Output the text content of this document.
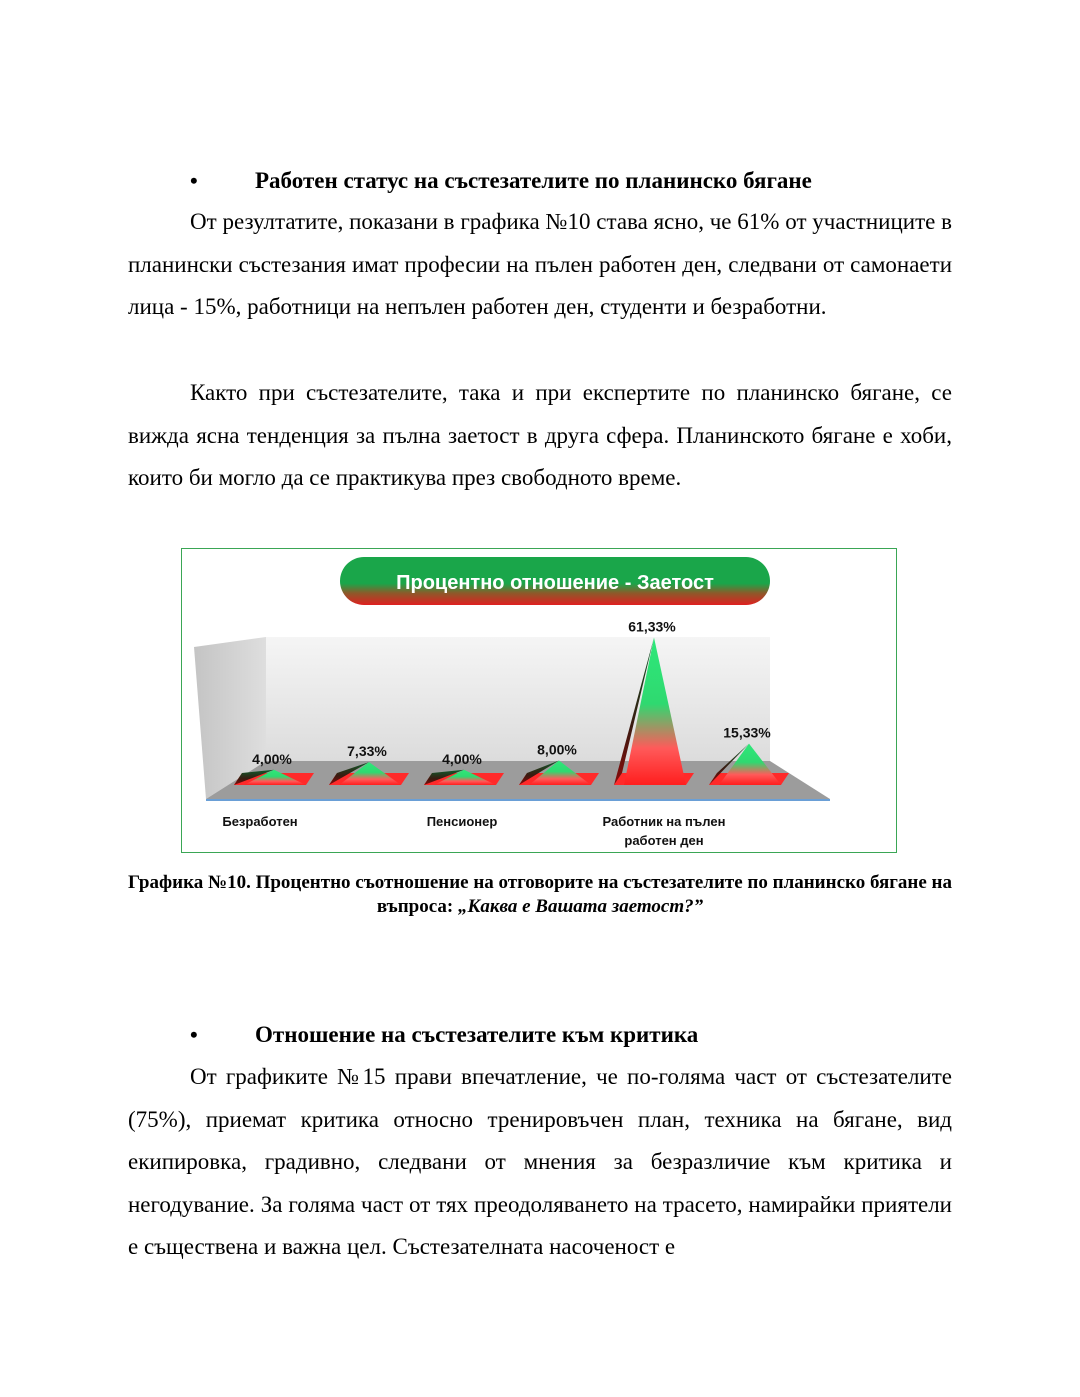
• Работен статус на състезателите по планинско бягане

От резултатите, показани в графика №10 става ясно, че 61% от участниците в планински състезания имат професии на пълен работен ден, следвани от самонаети лица - 15%, работници на непълен работен ден, студенти и безработни.

Както при състезателите, така и при експертите по планинско бягане, се вижда ясна тенденция за пълна заетост в друга сфера. Планинското бягане е хоби, които би могло да се практикува през свободното време.

Процентно отношение - Заетост
4,00%	7,33%	4,00%
8,00%
61,33%
15,33%
Безработен	Пенсионер	Работник на пълен работен ден
Графика №10. Процентно съотношение на отговорите на състезателите по планинско бягане на въпроса: „Каква е Вашата заетост?”
• Отношение на състезателите към критика

От графиките №15 прави впечатление, че по-голяма част от състезателите (75%), приемат критика относно тренировъчен план, техника на бягане, вид екипировка, градивно, следвани от мнения за безразличие към критика и негодувание. За голяма част от тях преодоляването на трасето, намирайки приятели е съществена и важна цел. Състезателната насоченост е
